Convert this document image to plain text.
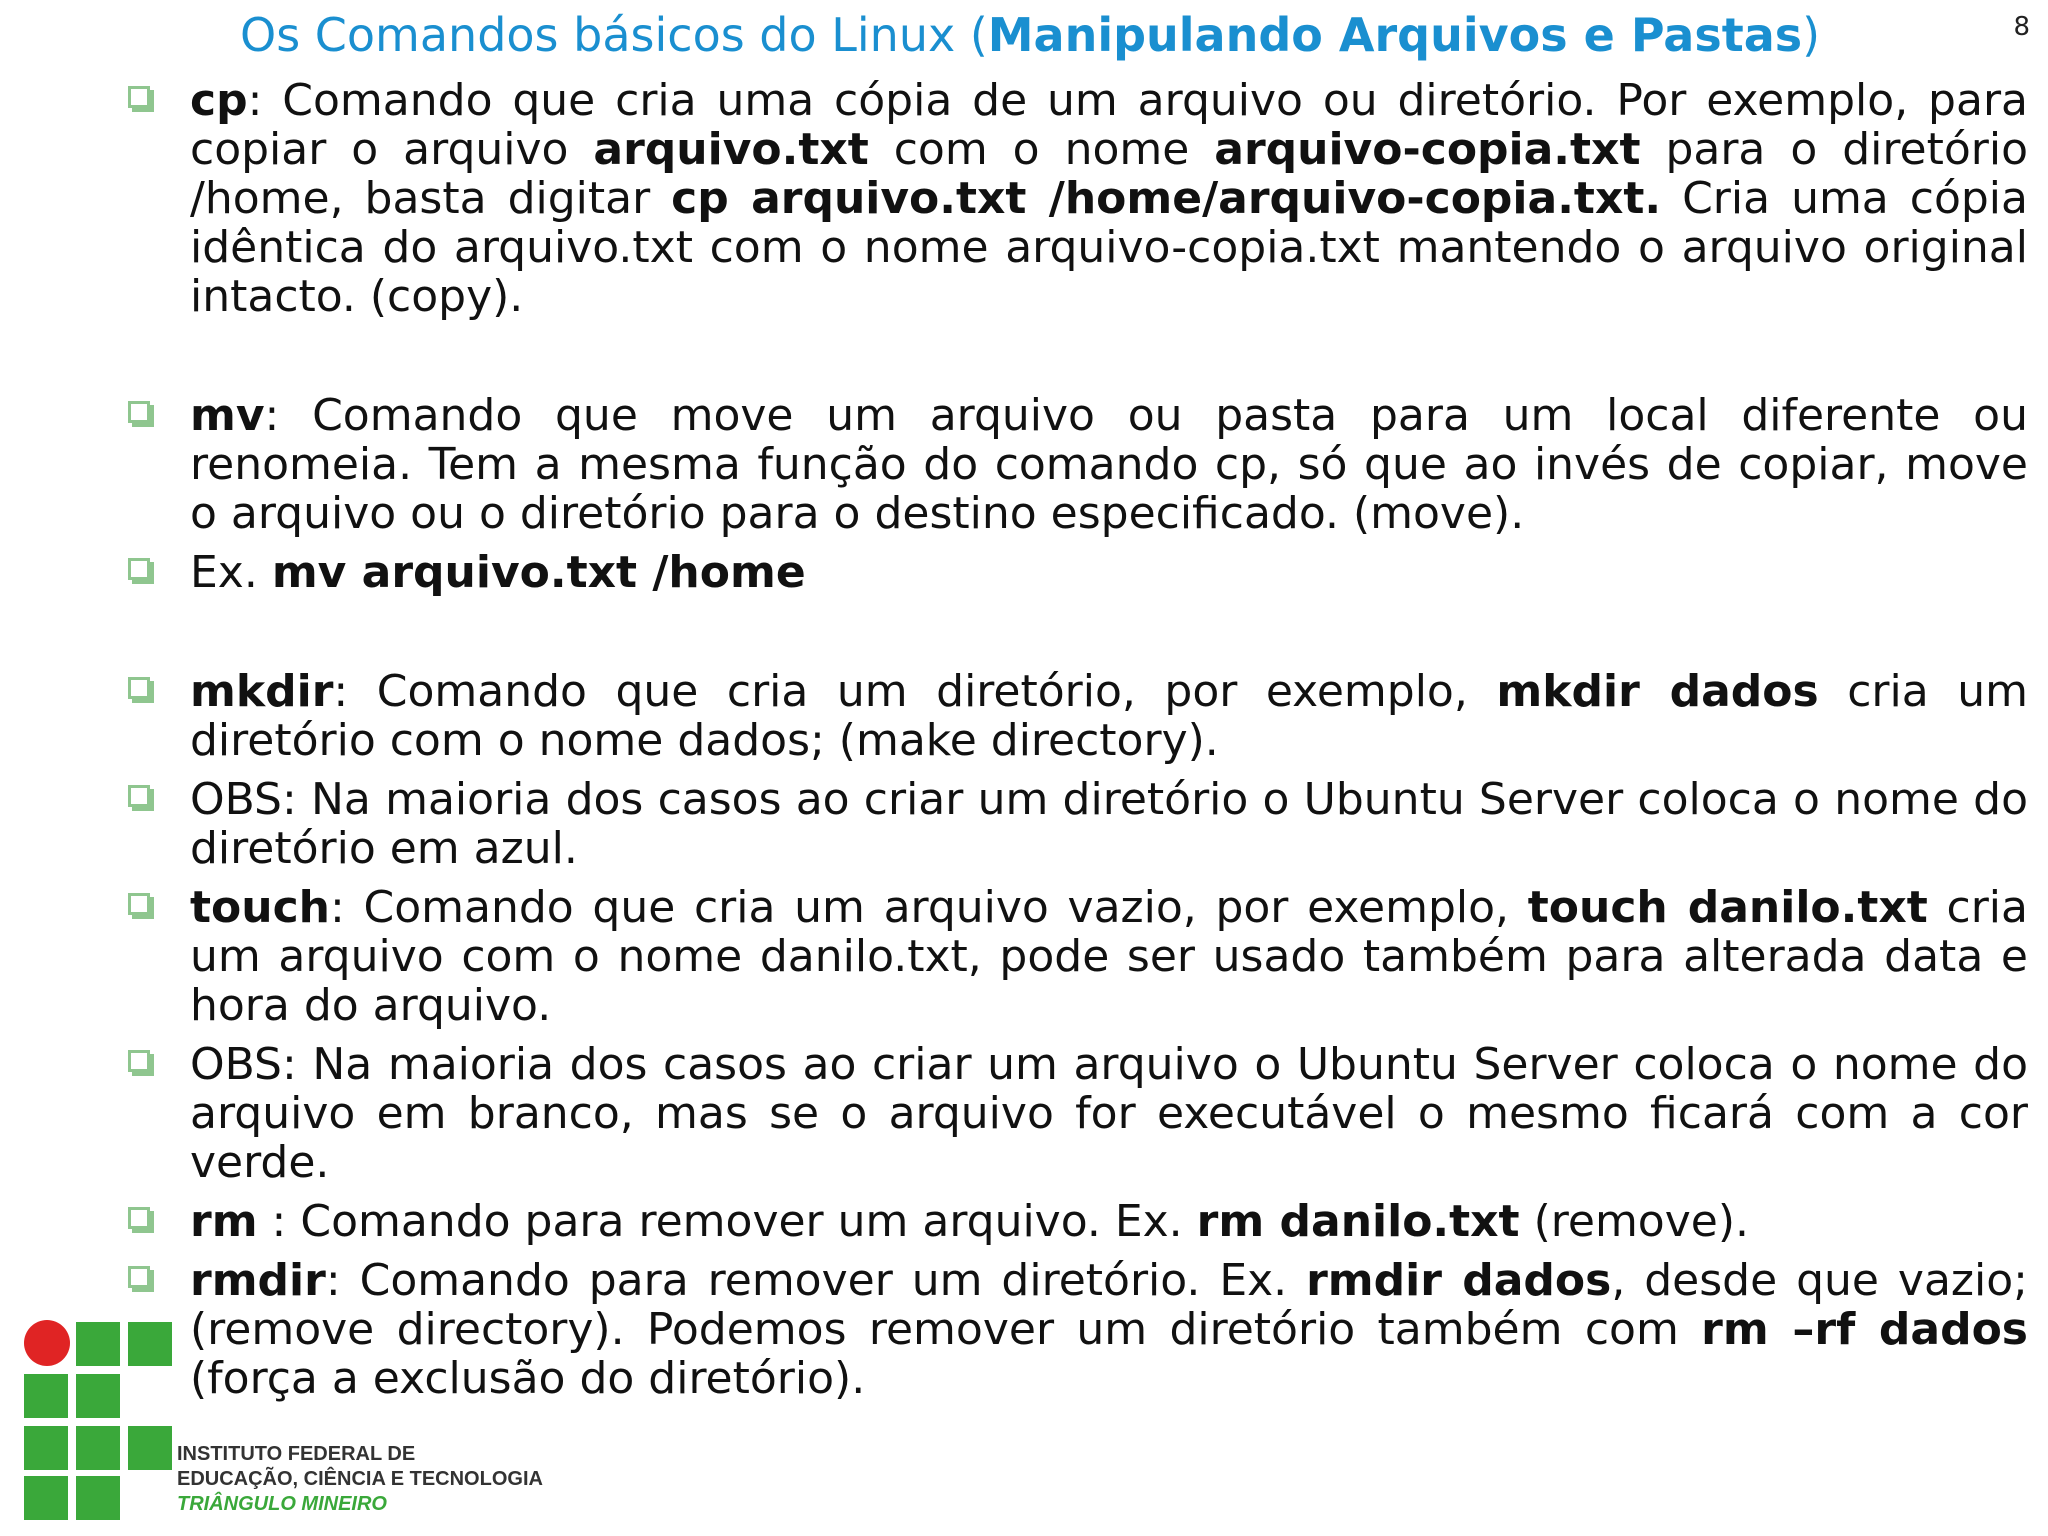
Os Comandos básicos do Linux (Manipulando Arquivos e Pastas)	8
cp: Comando que cria uma cópia de um arquivo ou diretório. Por exemplo, para copiar o arquivo arquivo.txt com o nome arquivo-copia.txt para o diretório /home, basta digitar cp arquivo.txt /home/arquivo-copia.txt. Cria uma cópia idêntica do arquivo.txt com o nome arquivo-copia.txt mantendo o arquivo original intacto. (copy).
mv: Comando que move um arquivo ou pasta para um local diferente ou renomeia. Tem a mesma função do comando cp, só que ao invés de copiar, move o arquivo ou o diretório para o destino especificado. (move).
Ex. mv arquivo.txt /home
mkdir: Comando que cria um diretório, por exemplo, mkdir dados cria um diretório com o nome dados; (make directory).
OBS: Na maioria dos casos ao criar um diretório o Ubuntu Server coloca o nome do diretório em azul.
touch: Comando que cria um arquivo vazio, por exemplo, touch danilo.txt cria um arquivo com o nome danilo.txt, pode ser usado também para alterada data e hora do arquivo.
OBS: Na maioria dos casos ao criar um arquivo o Ubuntu Server coloca o nome do arquivo em branco, mas se o arquivo for executável o mesmo ficará com a cor verde.
rm : Comando para remover um arquivo. Ex. rm danilo.txt (remove).
rmdir: Comando para remover um diretório. Ex. rmdir dados, desde que vazio; (remove directory). Podemos remover um diretório também com rm –rf dados (força a exclusão do diretório).
INSTITUTO FEDERAL DE
EDUCAÇÃO, CIÊNCIA E TECNOLOGIA
TRIÂNGULO MINEIRO
